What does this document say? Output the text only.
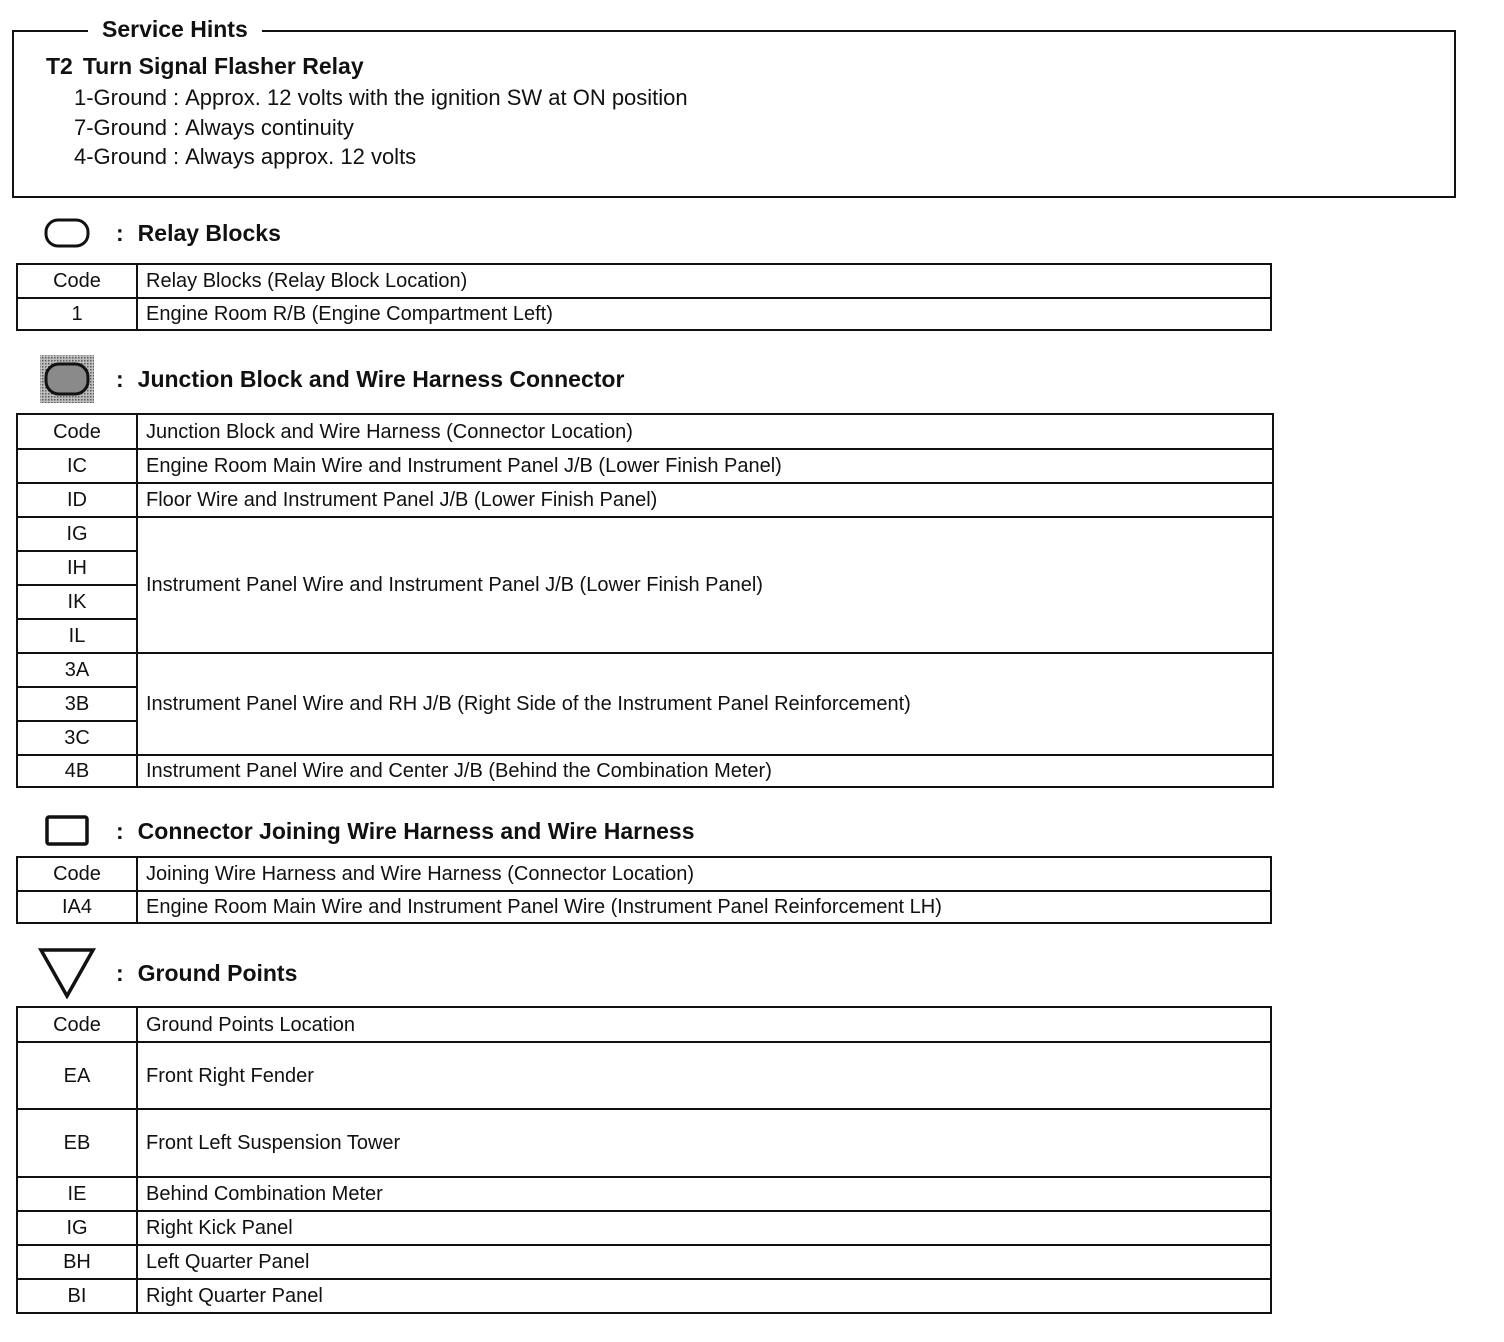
Service Hints
T2 Turn Signal Flasher Relay
1-Ground : Approx. 12 volts with the ignition SW at ON position
7-Ground : Always continuity
4-Ground : Always approx. 12 volts
: Relay Blocks
Code	Relay Blocks (Relay Block Location)
1	Engine Room R/B (Engine Compartment Left)
: Junction Block and Wire Harness Connector
Code	Junction Block and Wire Harness (Connector Location)
IC	Engine Room Main Wire and Instrument Panel J/B (Lower Finish Panel)
ID	Floor Wire and Instrument Panel J/B (Lower Finish Panel)
IG	Instrument Panel Wire and Instrument Panel J/B (Lower Finish Panel)
IH	
IK	
IL	
3A	Instrument Panel Wire and RH J/B (Right Side of the Instrument Panel Reinforcement)
3B	
3C	
4B	Instrument Panel Wire and Center J/B (Behind the Combination Meter)
: Connector Joining Wire Harness and Wire Harness
Code	Joining Wire Harness and Wire Harness (Connector Location)
IA4	Engine Room Main Wire and Instrument Panel Wire (Instrument Panel Reinforcement LH)
: Ground Points
Code	Ground Points Location
EA	Front Right Fender
EB	Front Left Suspension Tower
IE	Behind Combination Meter
IG	Right Kick Panel
BH	Left Quarter Panel
BI	Right Quarter Panel
